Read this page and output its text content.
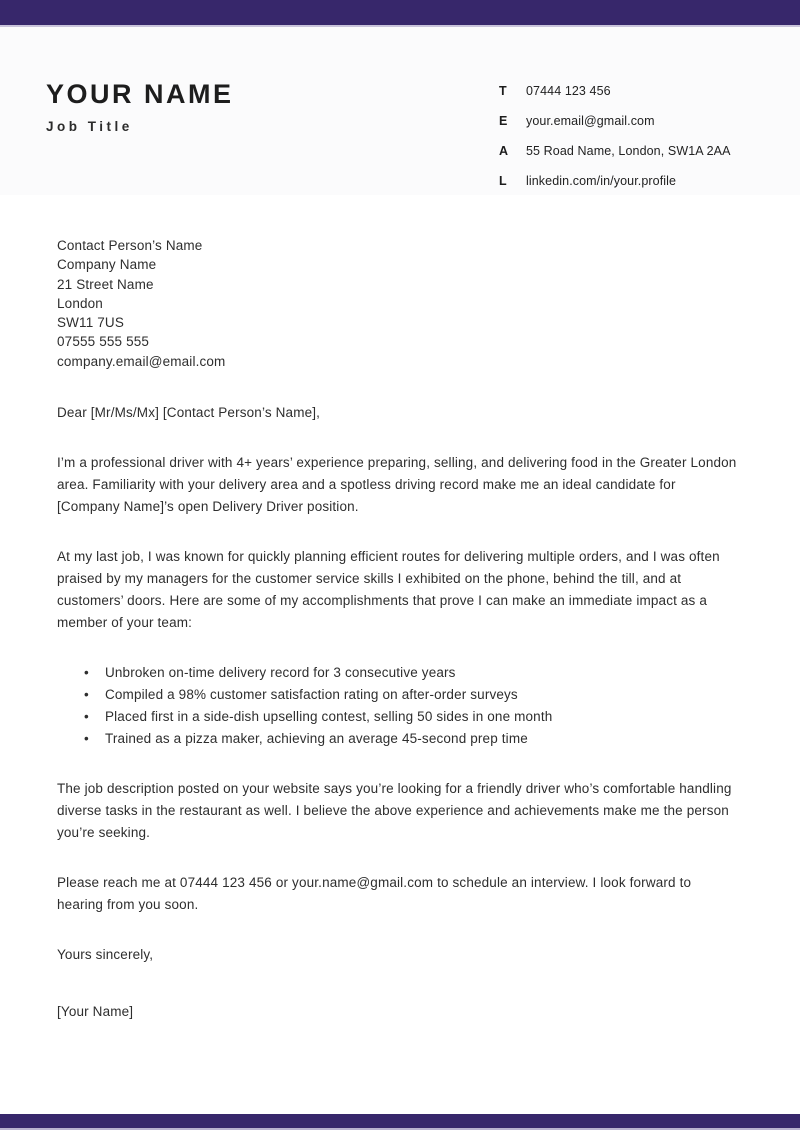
YOUR NAME
Job Title
T	07444 123 456
E	your.email@gmail.com
A	55 Road Name, London, SW1A 2AA
L	linkedin.com/in/your.profile
Contact Person’s Name
Company Name
21 Street Name
London
SW11 7US
07555 555 555
company.email@email.com
Dear [Mr/Ms/Mx] [Contact Person’s Name],

I’m a professional driver with 4+ years’ experience preparing, selling, and delivering food in the Greater London area. Familiarity with your delivery area and a spotless driving record make me an ideal candidate for [Company Name]’s open Delivery Driver position.

At my last job, I was known for quickly planning efficient routes for delivering multiple orders, and I was often praised by my managers for the customer service skills I exhibited on the phone, behind the till, and at customers’ doors. Here are some of my accomplishments that prove I can make an immediate impact as a member of your team:

• Unbroken on-time delivery record for 3 consecutive years
• Compiled a 98% customer satisfaction rating on after-order surveys
• Placed first in a side-dish upselling contest, selling 50 sides in one month
• Trained as a pizza maker, achieving an average 45-second prep time

The job description posted on your website says you’re looking for a friendly driver who’s comfortable handling diverse tasks in the restaurant as well. I believe the above experience and achievements make me the person you’re seeking.

Please reach me at 07444 123 456 or your.name@gmail.com to schedule an interview. I look forward to hearing from you soon.

Yours sincerely,
[Your Name]
